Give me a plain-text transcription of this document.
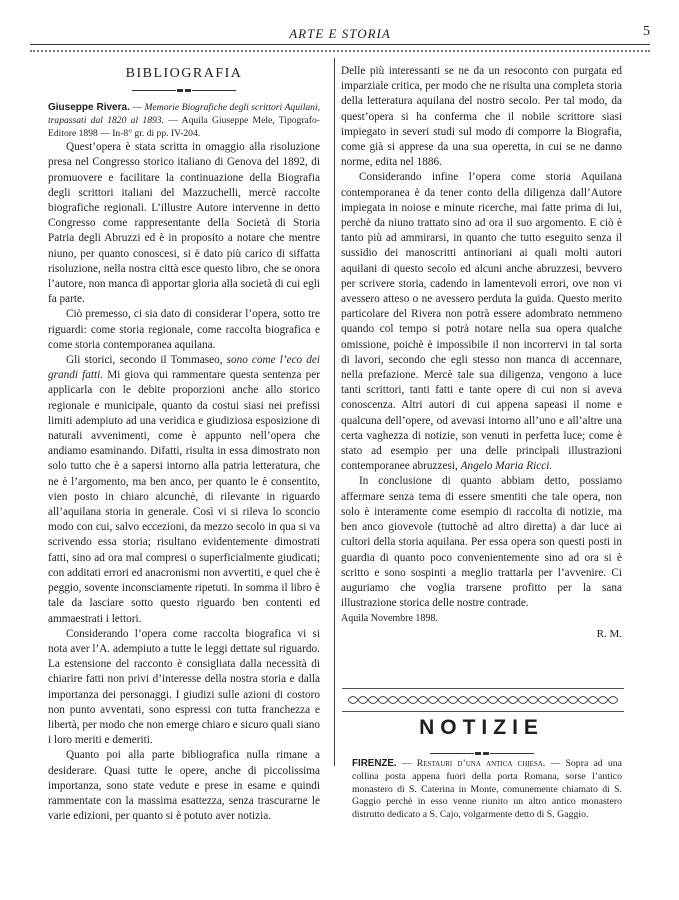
ARTE E STORIA	5
BIBLIOGRAFIA

Giuseppe Rivera. — Memorie Biografiche degli scrittori Aquilani, trapassati dal 1820 al 1893. — Aquila Giuseppe Mele, Tipografo-Editore 1898 — In-8° gr. di pp. IV-204.

Quest’opera è stata scritta in omaggio alla risoluzione presa nel Congresso storico italiano di Genova del 1892, di promuovere e facilitare la continuazione della Biografia degli scrittori italiani del Mazzuchelli, mercè raccolte biografiche regionali. L’illustre Autore intervenne in detto Congresso come rappresentante della Società di Storia Patria degli Abruzzi ed è in proposito a notare che mentre niuno, per quanto conoscesi, si è dato più carico di siffatta risoluzione, nella nostra città esce questo libro, che se onora l’autore, non manca di apportar gloria alla società di cui egli fa parte.

Ciò premesso, ci sia dato di considerar l’opera, sotto tre riguardi: come storia regionale, come raccolta biografica e come storia contemporanea aquilana.

Gli storici, secondo il Tommaseo, sono come l’eco dei grandi fatti. Mi giova qui rammentare questa sentenza per applicarla con le debite proporzioni anche allo storico regionale e municipale, quanto da costui siasi nei prefissi limiti adempiuto ad una veridica e giudiziosa esposizione di naturali avvenimenti, come è appunto nell’opera che andiamo esaminando. Difatti, risulta in essa dimostrato non solo tutto che è a sapersi intorno alla patria letteratura, che ne è l’argomento, ma ben anco, per quanto le è consentito, vien posto in chiaro alcunchè, di rilevante in riguardo all’aquilana storia in generale. Così vi si rileva lo sconcio modo con cui, salvo eccezioni, da mezzo secolo in qua si va scrivendo essa storia; risultano evidentemente dimostrati fatti, sino ad ora mal compresi o superficialmente giudicati; con additati errori ed anacronismi non avvertiti, e quel che è peggio, sovente inconsciamente ripetuti. In somma il libro è tale da lasciare sotto questo riguardo ben contenti ed ammaestrati i lettori.

Considerando l’opera come raccolta biografica vi si nota aver l’A. adempiuto a tutte le leggi dettate sul riguardo. La estensione del racconto è consigliata dalla necessità di chiarire fatti non privi d’interesse della nostra storia e dalla importanza dei personaggi. I giudizi sulle azioni di costoro non punto avventati, sono espressi con tutta franchezza e libertà, per modo che non emerge chiaro e sicuro quali siano i loro meriti e demeriti.

Quanto poi alla parte bibliografica nulla rimane a desiderare. Quasi tutte le opere, anche di piccolissima importanza, sono state vedute e prese in esame e quindi rammentate con la massima esattezza, senza trascurarne le varie edizioni, per quanto si è potuto aver notizia.

Delle più interessanti se ne da un resoconto con purgata ed imparziale critica, per modo che ne risulta una completa storia della letteratura aquilana del nostro secolo. Per tal modo, da quest’opera si ha conferma che il nobile scrittore siasi impiegato in severi studi sul modo di comporre la Biografia, come già si apprese da una sua operetta, in cui se ne danno norme, edita nel 1886.

Considerando infine l’opera come storia Aquilana contemporanea è da tener conto della diligenza dall’Autore impiegata in noiose e minute ricerche, mai fatte prima di lui, perchè da niuno trattato sino ad ora il suo argomento. E ciò è tanto più ad ammirarsi, in quanto che tutto eseguito senza il sussidio dei manoscritti antinoriani ai quali molti autori aquilani di questo secolo ed alcuni anche abruzzesi, bevvero per scrivere storia, cadendo in lamentevoli errori, ove non vi avessero atteso o ne avessero perduta la guida. Questo merito particolare del Rivera non potrà essere adombrato nemmeno quando col tempo si potrà notare nella sua opera qualche omissione, poichè è impossibile il non incorrervi in tal sorta di lavori, secondo che egli stesso non manca di accennare, nella prefazione. Mercè tale sua diligenza, vengono a luce tanti scrittori, tanti fatti e tante opere di cui non si aveva conoscenza. Altri autori di cui appena sapeasi il nome e qualcuna dell’opere, od avevasi intorno all’uno e all’altre una certa vaghezza di notizie, son venuti in perfetta luce; come è stato ad esempio per una delle principali illustrazioni contemporanee abruzzesi, Angelo Maria Ricci.

In conclusione di quanto abbiam detto, possiamo affermare senza tema di essere smentiti che tale opera, non solo è interamente come esempio di raccolta di notizie, ma ben anco giovevole (tuttochè ad altro diretta) a dar luce ai cultori della storia aquilana. Per essa opera son questi posti in guardia di quanto poco convenientemente sino ad ora si è scritto e sono sospinti a meglio trattarla per l’avvenire. Ci auguriamo che voglia trarsene profitto per la sana illustrazione storica delle nostre contrade.

Aquila Novembre 1898.

R. M.

NOTIZIE
FIRENZE. — Restauri d’una antica chiesa. — Sopra ad una collina posta appena fuori della porta Romana, sorse l’antico monastero di S. Caterina in Monte, comunemente chiamato di S. Gaggio perchè in esso venne riunito un altro antico monastero distrutto dedicato a S. Cajo, volgarmente detto di S. Gaggio.
